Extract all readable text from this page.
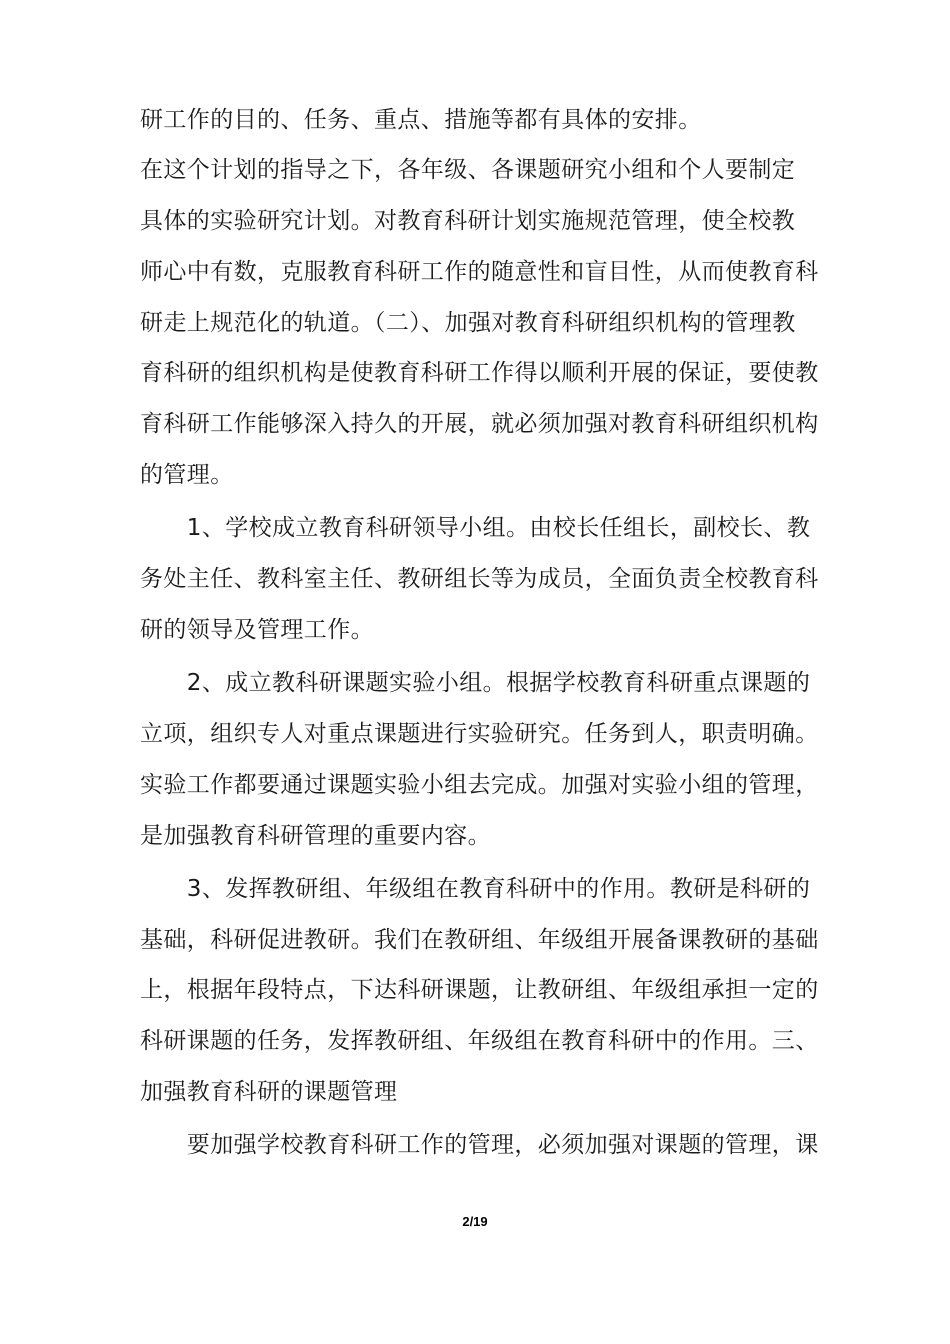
研工作的目的、任务、重点、措施等都有具体的安排。
在这个计划的指导之下，各年级、各课题研究小组和个人要制定
具体的实验研究计划。对教育科研计划实施规范管理，使全校教
师心中有数，克服教育科研工作的随意性和盲目性，从而使教育科
研走上规范化的轨道。（二）、加强对教育科研组织机构的管理教
育科研的组织机构是使教育科研工作得以顺利开展的保证，要使教
育科研工作能够深入持久的开展，就必须加强对教育科研组织机构
的管理。
　　1、学校成立教育科研领导小组。由校长任组长，副校长、教
务处主任、教科室主任、教研组长等为成员，全面负责全校教育科
研的领导及管理工作。
　　2、成立教科研课题实验小组。根据学校教育科研重点课题的
立项，组织专人对重点课题进行实验研究。任务到人，职责明确。
实验工作都要通过课题实验小组去完成。加强对实验小组的管理，
是加强教育科研管理的重要内容。
　　3、发挥教研组、年级组在教育科研中的作用。教研是科研的
基础，科研促进教研。我们在教研组、年级组开展备课教研的基础
上，根据年段特点，下达科研课题，让教研组、年级组承担一定的
科研课题的任务，发挥教研组、年级组在教育科研中的作用。三、
加强教育科研的课题管理
　　要加强学校教育科研工作的管理，必须加强对课题的管理，课
2/19
